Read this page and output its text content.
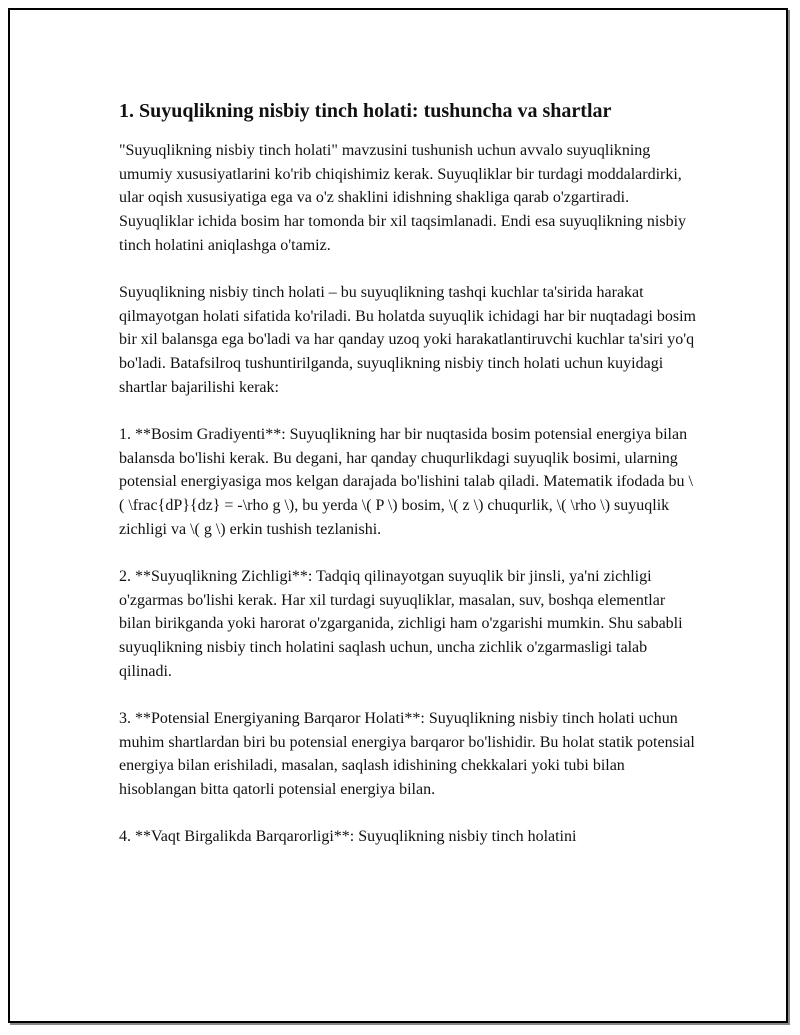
1. Suyuqlikning nisbiy tinch holati: tushuncha va shartlar

"Suyuqlikning nisbiy tinch holati" mavzusini tushunish uchun avvalo suyuqlikning umumiy xususiyatlarini ko'rib chiqishimiz kerak. Suyuqliklar bir turdagi moddalardirki, ular oqish xususiyatiga ega va o'z shaklini idishning shakliga qarab o'zgartiradi. Suyuqliklar ichida bosim har tomonda bir xil taqsimlanadi. Endi esa suyuqlikning nisbiy tinch holatini aniqlashga o'tamiz.

Suyuqlikning nisbiy tinch holati – bu suyuqlikning tashqi kuchlar ta'sirida harakat qilmayotgan holati sifatida ko'riladi. Bu holatda suyuqlik ichidagi har bir nuqtadagi bosim bir xil balansga ega bo'ladi va har qanday uzoq yoki harakatlantiruvchi kuchlar ta'siri yo'q bo'ladi. Batafsilroq tushuntirilganda, suyuqlikning nisbiy tinch holati uchun kuyidagi shartlar bajarilishi kerak:

1. **Bosim Gradiyenti**: Suyuqlikning har bir nuqtasida bosim potensial energiya bilan balansda bo'lishi kerak. Bu degani, har qanday chuqurlikdagi suyuqlik bosimi, ularning potensial energiyasiga mos kelgan darajada bo'lishini talab qiladi. Matematik ifodada bu \( \frac{dP}{dz} = -\rho g \), bu yerda \( P \) bosim, \( z \) chuqurlik, \( \rho \) suyuqlik zichligi va \( g \) erkin tushish tezlanishi.

2. **Suyuqlikning Zichligi**: Tadqiq qilinayotgan suyuqlik bir jinsli, ya'ni zichligi o'zgarmas bo'lishi kerak. Har xil turdagi suyuqliklar, masalan, suv, boshqa elementlar bilan birikganda yoki harorat o'zgarganida, zichligi ham o'zgarishi mumkin. Shu sababli suyuqlikning nisbiy tinch holatini saqlash uchun, uncha zichlik o'zgarmasligi talab qilinadi.

3. **Potensial Energiyaning Barqaror Holati**: Suyuqlikning nisbiy tinch holati uchun muhim shartlardan biri bu potensial energiya barqaror bo'lishidir. Bu holat statik potensial energiya bilan erishiladi, masalan, saqlash idishining chekkalari yoki tubi bilan hisoblangan bitta qatorli potensial energiya bilan.

4. **Vaqt Birgalikda Barqarorligi**: Suyuqlikning nisbiy tinch holatini
